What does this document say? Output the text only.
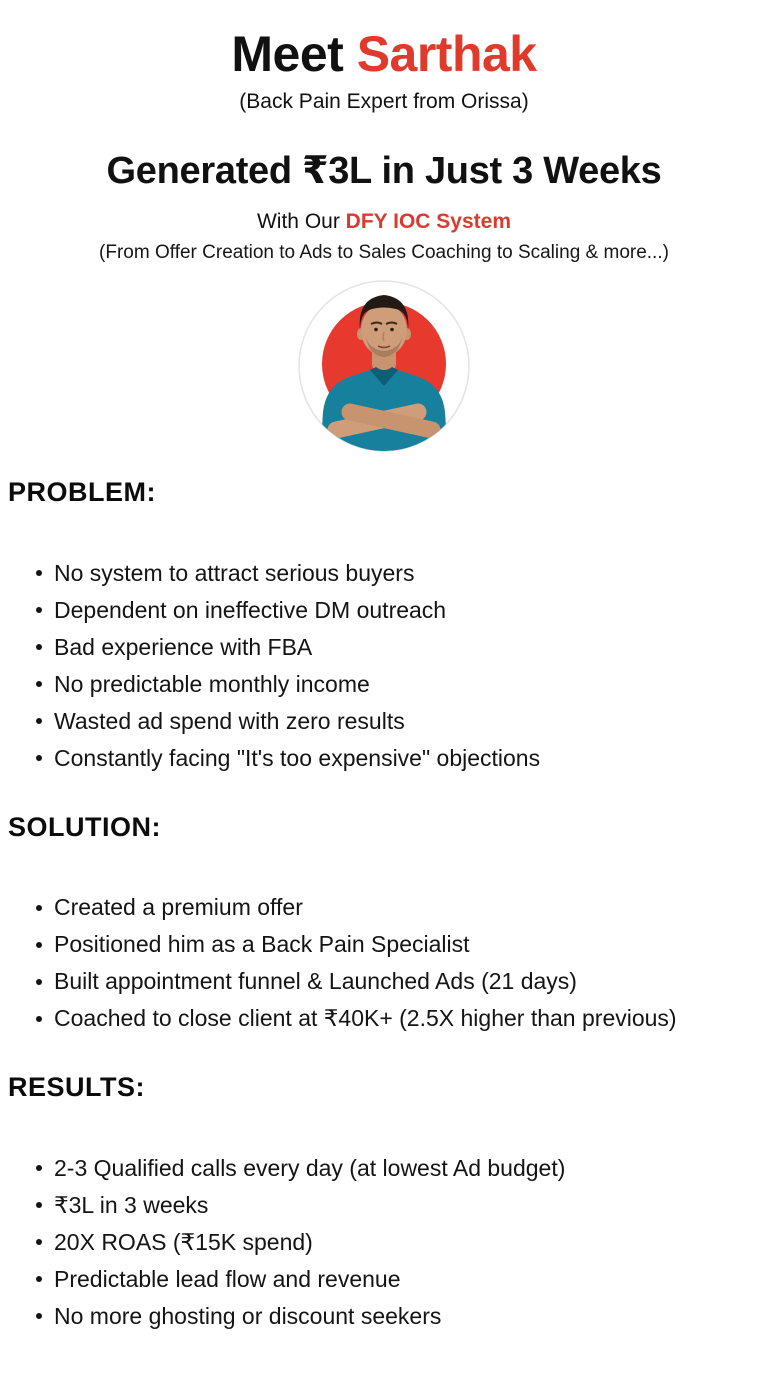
Meet Sarthak
(Back Pain Expert from Orissa)
Generated ₹3L in Just 3 Weeks
With Our DFY IOC System
(From Offer Creation to Ads to Sales Coaching to Scaling & more...)
PROBLEM:
No system to attract serious buyers
Dependent on ineffective DM outreach
Bad experience with FBA
No predictable monthly income
Wasted ad spend with zero results
Constantly facing "It's too expensive" objections
SOLUTION:
Created a premium offer
Positioned him as a Back Pain Specialist
Built appointment funnel & Launched Ads (21 days)
Coached to close client at ₹40K+ (2.5X higher than previous)
RESULTS:
2-3 Qualified calls every day (at lowest Ad budget)
₹3L in 3 weeks
20X ROAS (₹15K spend)
Predictable lead flow and revenue
No more ghosting or discount seekers
